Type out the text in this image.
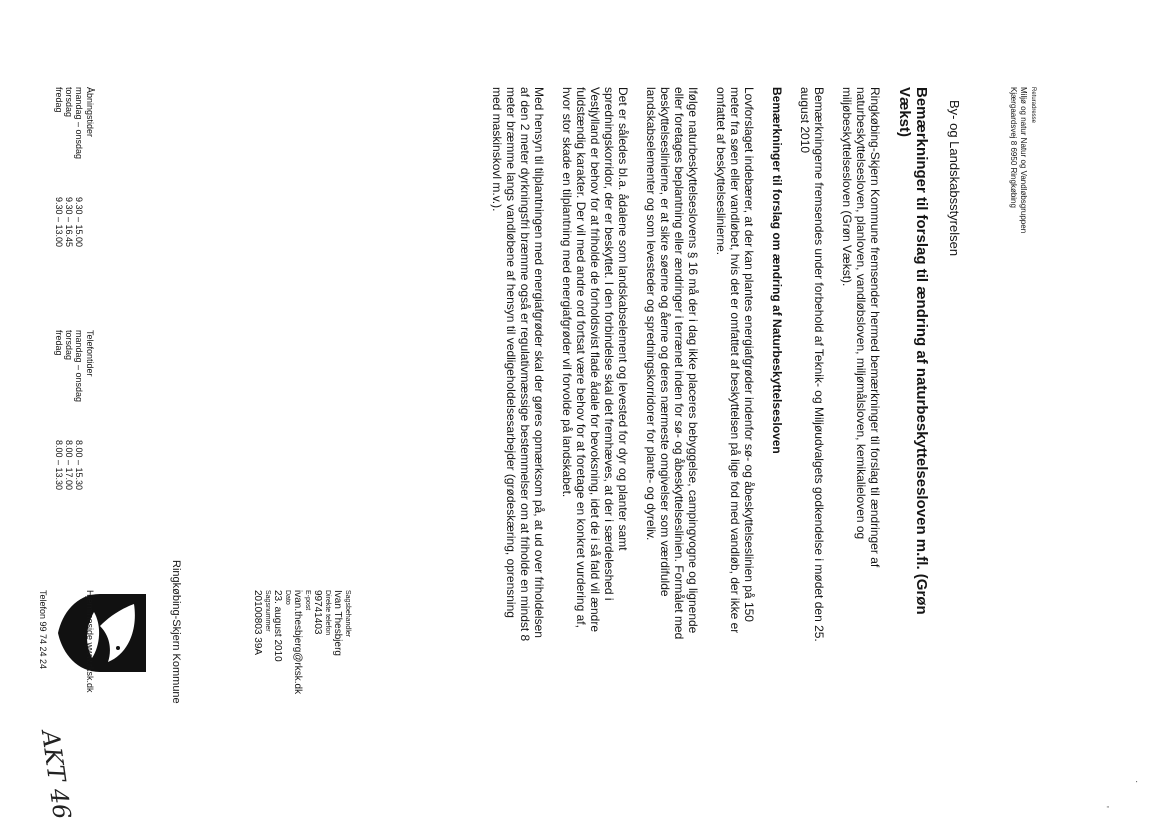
Returadresse
Miljø og natur Natur og Vandløbsgruppen
Kjærgaardsvej 8 6950 Ringkøbing
By- og Landskabsstyrelsen
Ringkøbing-Skjern Kommune	Sagsbehandler
Ivan Thesbjerg
Direkte telefon
99741403
E-post
ivan.thesbjerg@rksk.dk
Dato
23. august 2010
Sagsnummer
20100803 39A
Bemærkninger til forslag til ændring af naturbeskyttelsesloven m.fl. (Grøn Vækst)

Ringkøbing-Skjern Kommune fremsender hermed bemærkninger til forslag til ændringer af naturbeskyttelsesloven, planloven, vandløbsloven, miljømålsloven, kemikalieloven og miljøbeskyttelsesloven (Grøn Vækst).

Bemærkningerne fremsendes under forbehold af Teknik- og Miljøudvalgets godkendelse i mødet den 25. august 2010

Bemærkninger til forslag om ændring af Naturbeskyttelsesloven

Lovforslaget indebærer, at der kan plantes energiafgrøder indenfor sø- og åbeskyttelseslinien på 150 meter fra søen eller vandløbet, hvis det er omfattet af beskyttelsen på lige fod med vandløb, der ikke er omfattet af beskyttelseslinierne.

Ifølge naturbeskyttelseslovens § 16 må der i dag ikke placeres bebyggelse, campingvogne og lignende eller foretages beplantning eller ændringer i terrænet inden for sø- og åbeskyttelseslinien. Formålet med beskyttelseslinierne, er at sikre søerne og åerne og deres nærmeste omgivelser som værdifulde landskabselementer og som levesteder og spredningskorridorer for plante- og dyreliv.

Det er således bl.a. ådalene som landskabselement og levested for dyr og planter samt spredningskorridor, der er beskyttet. I den forbindelse skal det fremhæves, at der i særdeleshed i Vestjylland er behov for at friholde de forholdsvist flade ådale for bevoksning, idet de i så fald vil ændre fuldstændig karakter. Der vil med andre ord fortsat være behov for at foretage en konkret vurdering af, hvor stor skade en tilplantning med energiafgrøder vil forvolde på landskabet.

Med hensyn til tilplantningen med energiafgrøder skal der gøres opmærksom på, at ud over friholdelsen af den 2 meter dyrkningsfri bræmme også er regulativmæssige bestemmelser om at friholde en mindst 8 meter bræmme langs vandløbene af hensyn til vedligeholdelsesarbejder (grødeskæring, oprensning med maskinskovl m.v.).

Åbningstider
mandag – onsdag
9.30 – 15.00
torsdag
9.30 – 16.45
fredag
9.30 – 13.00
Telefontider
mandag – onsdag
8.00 – 15.30
torsdag
8.00 – 17.00
fredag
8.00 – 13.30
Hjemmeside www.rksk.dk
Telefon 99 74 24 24
AKT 46	·
'
